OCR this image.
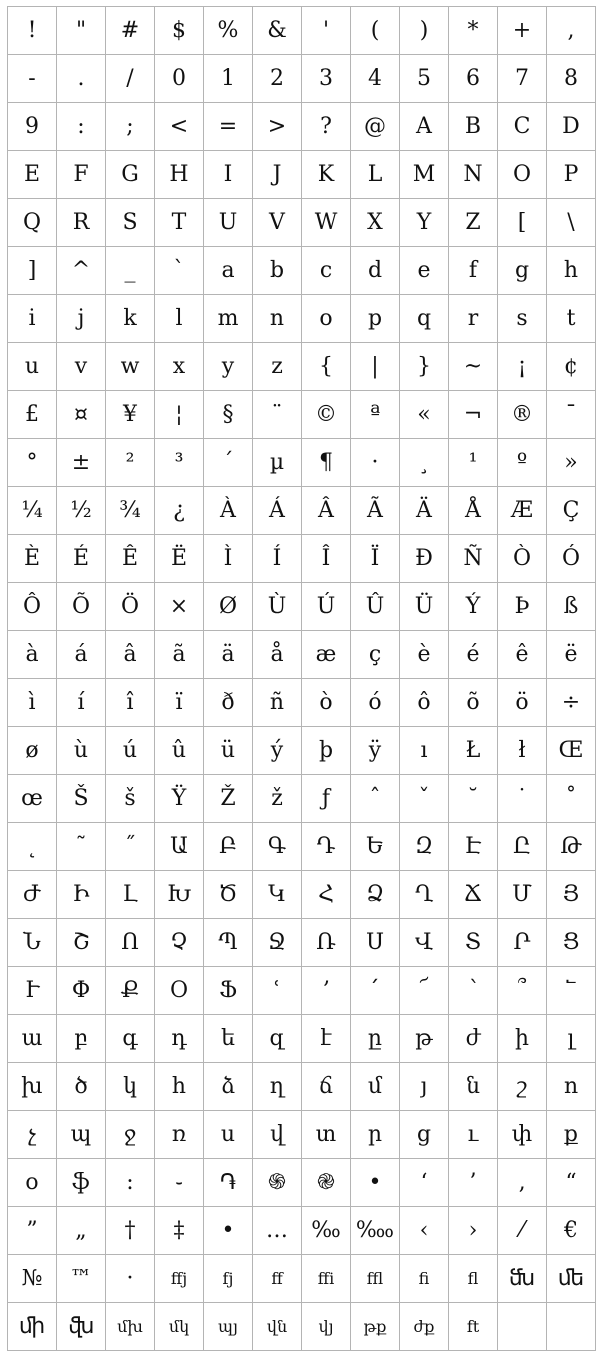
!	"	#	$	%	&	'	(	)	*	+	,
-	.	/	0	1	2	3	4	5	6	7	8
9	:	;	<	=	>	?	@	A	B	C	D
E	F	G	H	I	J	K	L	M	N	O	P
Q	R	S	T	U	V	W	X	Y	Z	[	\
]	^	_	`	a	b	c	d	e	f	g	h
i	j	k	l	m	n	o	p	q	r	s	t
u	v	w	x	y	z	{	|	}	~	¡	¢
£	¤	¥	¦	§	¨	©	ª	«	¬	®	¯
°	±	²	³	´	µ	¶	·	¸	¹	º	»
¼	½	¾	¿	À	Á	Â	Ã	Ä	Å	Æ	Ç
È	É	Ê	Ë	Ì	Í	Î	Ï	Ð	Ñ	Ò	Ó
Ô	Õ	Ö	×	Ø	Ù	Ú	Û	Ü	Ý	Þ	ß
à	á	â	ã	ä	å	æ	ç	è	é	ê	ë
ì	í	î	ï	ð	ñ	ò	ó	ô	õ	ö	÷
ø	ù	ú	û	ü	ý	þ	ÿ	ı	Ł	ł	Œ
œ	Š	š	Ÿ	Ž	ž	ƒ	ˆ	ˇ	˘	˙	˚
˛	˜	˝	Ա	Բ	Գ	Դ	Ե	Զ	Է	Ը	Թ
Ժ	Ի	Լ	Խ	Ծ	Կ	Հ	Ձ	Ղ	Ճ	Մ	Յ
Ն	Շ	Ո	Չ	Պ	Ջ	Ռ	Ս	Վ	Տ	Ր	Ց
Ւ	Փ	Ք	Օ	Ֆ	ՙ	՚	՛	՜	՝	՞	՟
ա	բ	գ	դ	ե	զ	է	ը	թ	ժ	ի	լ
խ	ծ	կ	հ	ձ	ղ	ճ	մ	յ	ն	շ	ո
չ	պ	ջ	ռ	ս	վ	տ	ր	ց	ւ	փ	ք
օ	ֆ	։	֊	֏	֍	֎	•	‘	’	‚	“
”	„	†	‡	•	…	‰	‱	‹	›	⁄	€
№	™	·	ffj	fj	ff	ffi	ffl	fi	fl	ﬓ	ﬔ
ﬕ	ﬖ	մխ	մկ	պյ	վն	վյ	թք	ժք	ft		
